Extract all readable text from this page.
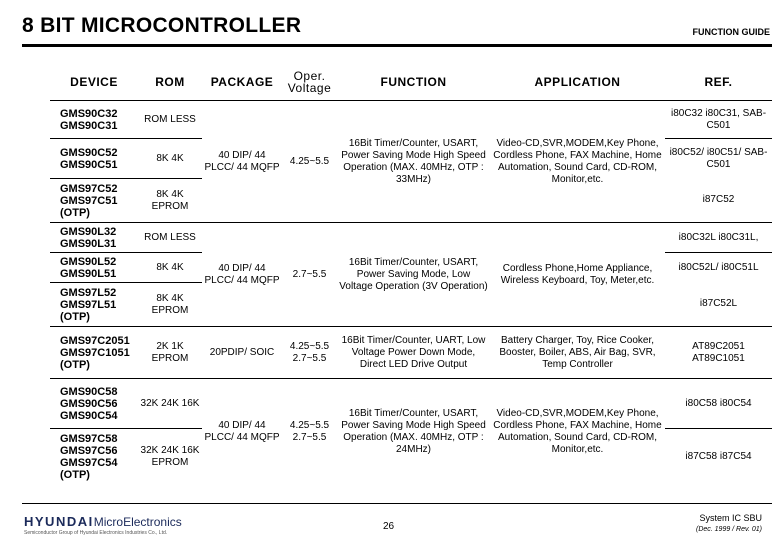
8 BIT MICROCONTROLLER	FUNCTION GUIDE
DEVICE	ROM	PACKAGE	Oper. Voltage	FUNCTION	APPLICATION	REF.
GMS90C32 GMS90C31	ROM LESS	40 DIP/ 44 PLCC/ 44 MQFP	4.25~5.5	16Bit Timer/Counter, USART, Power Saving Mode High Speed Operation (MAX. 40MHz, OTP : 33MHz)	Video-CD,SVR,MODEM,Key Phone, Cordless Phone, FAX Machine, Home Automation, Sound Card, CD-ROM, Monitor,etc.	i80C32 i80C31, SAB-C501
GMS90C52 GMS90C51	8K 4K					i80C52/ i80C51/ SAB-C501
GMS97C52 GMS97C51 (OTP)	8K 4K EPROM					i87C52
GMS90L32 GMS90L31	ROM LESS	40 DIP/ 44 PLCC/ 44 MQFP	2.7~5.5	16Bit Timer/Counter, USART, Power Saving Mode, Low Voltage Operation (3V Operation)	Cordless Phone,Home Appliance, Wireless Keyboard, Toy, Meter,etc.	i80C32L i80C31L,
GMS90L52 GMS90L51	8K 4K					i80C52L/ i80C51L
GMS97L52 GMS97L51 (OTP)	8K 4K EPROM					i87C52L
GMS97C2051 GMS97C1051 (OTP)	2K 1K EPROM	20PDIP/ SOIC	4.25~5.5 2.7~5.5	16Bit Timer/Counter, UART, Low Voltage Power Down Mode, Direct LED Drive Output	Battery Charger, Toy, Rice Cooker, Booster, Boiler, ABS, Air Bag, SVR, Temp Controller	AT89C2051 AT89C1051
GMS90C58 GMS90C56 GMS90C54	32K 24K 16K	40 DIP/ 44 PLCC/ 44 MQFP	4.25~5.5 2.7~5.5	16Bit Timer/Counter, USART, Power Saving Mode High Speed Operation (MAX. 40MHz, OTP : 24MHz)	Video-CD,SVR,MODEM,Key Phone, Cordless Phone, FAX Machine, Home Automation, Sound Card, CD-ROM, Monitor,etc.	i80C58 i80C54
GMS97C58 GMS97C56 GMS97C54 (OTP)	32K 24K 16K EPROM					i87C58 i87C54
HYUNDAIMicroElectronics
Semiconductor Group of Hyundai Electronics Industries Co., Ltd.
26
System IC SBU
(Dec. 1999 / Rev. 01)
